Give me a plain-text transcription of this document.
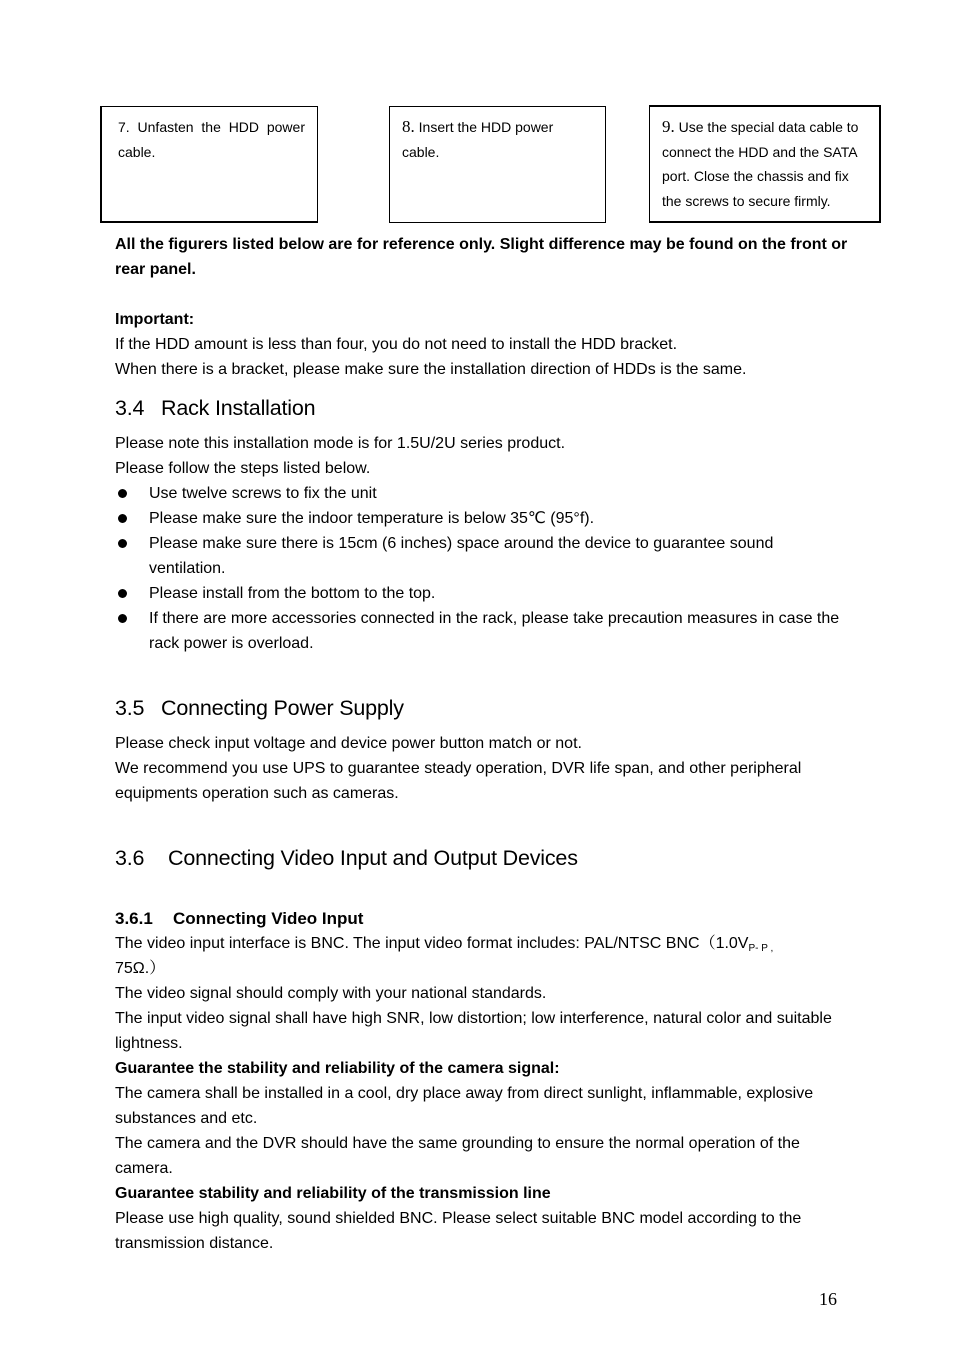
7. Unfasten the HDD power cable.
8. Insert the HDD power cable.
9. Use the special data cable to connect the HDD and the SATA port. Close the chassis and fix the screws to secure firmly.

All the figurers listed below are for reference only. Slight difference may be found on the front or rear panel.

Important:

If the HDD amount is less than four, you do not need to install the HDD bracket.

When there is a bracket, please make sure the installation direction of HDDs is the same.

3.4 Rack Installation

Please note this installation mode is for 1.5U/2U series product.

Please follow the steps listed below.

Use twelve screws to fix the unit
Please make sure the indoor temperature is below 35℃ (95°f).
Please make sure there is 15cm (6 inches) space around the device to guarantee sound ventilation.
Please install from the bottom to the top.
If there are more accessories connected in the rack, please take precaution measures in case the rack power is overload.
3.5 Connecting Power Supply

Please check input voltage and device power button match or not.

We recommend you use UPS to guarantee steady operation, DVR life span, and other peripheral equipments operation such as cameras.

3.6 Connecting Video Input and Output Devices
3.6.1 Connecting Video Input

The video input interface is BNC. The input video format includes: PAL/NTSC $BNC(1.0V_{P- P ,}$
75Ω.）

The video signal should comply with your national standards.

The input video signal shall have high SNR, low distortion; low interference, natural color and suitable lightness.

Guarantee the stability and reliability of the camera signal:

The camera shall be installed in a cool, dry place away from direct sunlight, inflammable, explosive substances and etc.

The camera and the DVR should have the same grounding to ensure the normal operation of the camera.

Guarantee stability and reliability of the transmission line

Please use high quality, sound shielded BNC. Please select suitable BNC model according to the transmission distance.

16
